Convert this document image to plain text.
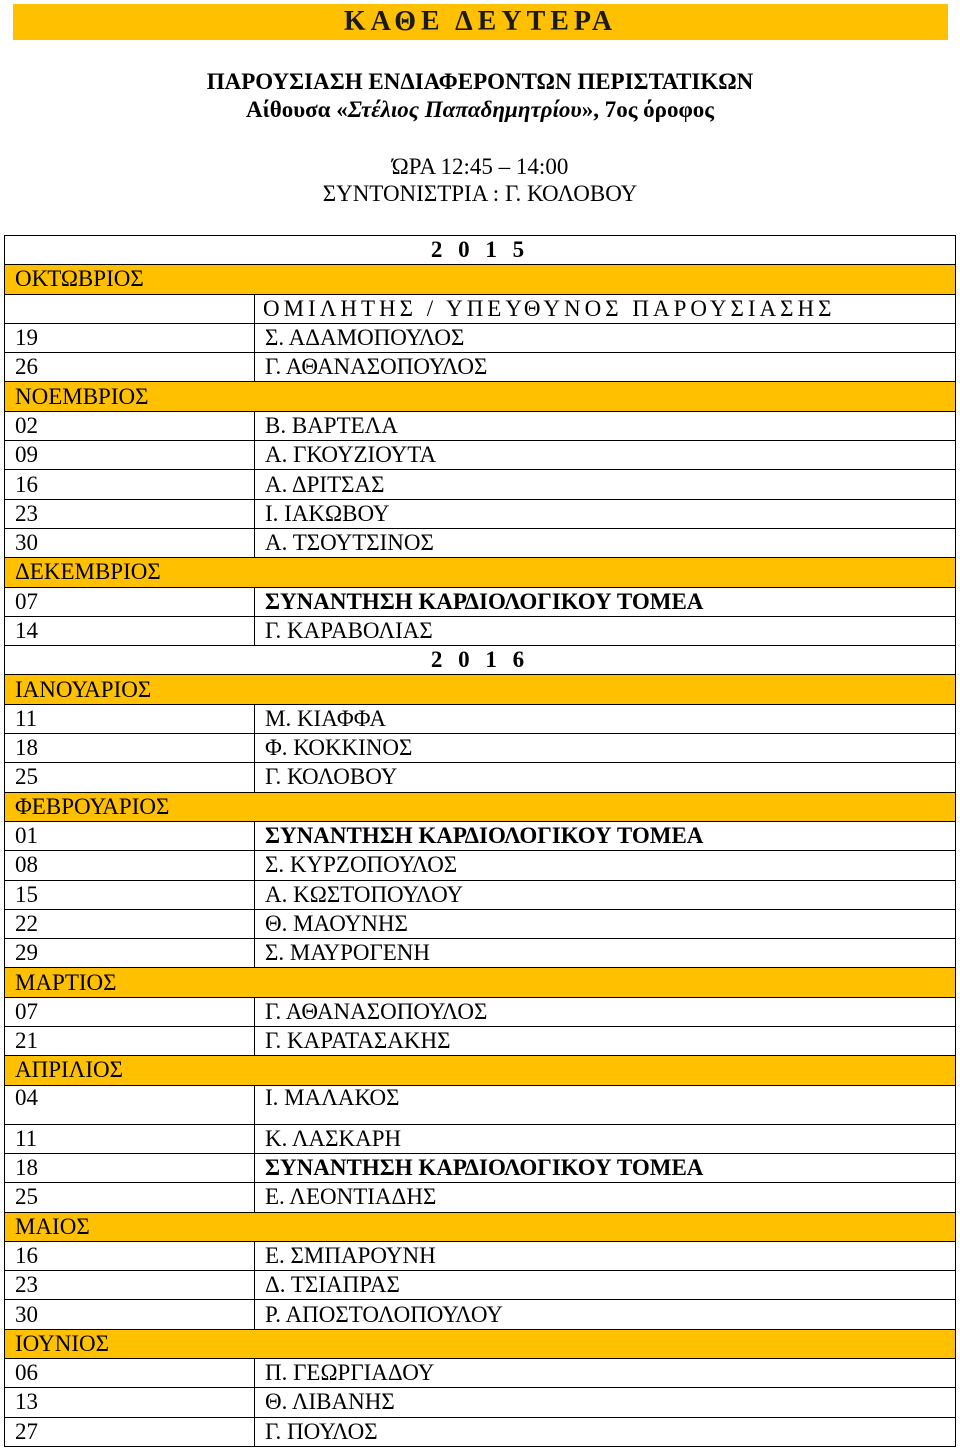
ΚΑΘΕ ΔΕΥΤΕΡΑ
ΠΑΡΟΥΣΙΑΣΗ ΕΝΔΙΑΦΕΡΟΝΤΩΝ ΠΕΡΙΣΤΑΤΙΚΩΝ
Αίθουσα «Στέλιος Παπαδημητρίου», 7ος όροφος
ΏΡΑ 12:45 – 14:00
ΣΥΝΤΟΝΙΣΤΡΙΑ : Γ. ΚΟΛΟΒΟΥ
2 0 1 5	
ΟΚΤΩΒΡΙΟΣ	
	ΟΜΙΛΗΤΗΣ / ΥΠΕΥΘΥΝΟΣ ΠΑΡΟΥΣΙΑΣΗΣ
19	Σ. ΑΔΑΜΟΠΟΥΛΟΣ
26	Γ. ΑΘΑΝΑΣΟΠΟΥΛΟΣ
ΝΟΕΜΒΡΙΟΣ	
02	Β. ΒΑΡΤΕΛΑ
09	Α. ΓΚΟΥΖΙΟΥΤΑ
16	Α. ΔΡΙΤΣΑΣ
23	Ι. ΙΑΚΩΒΟΥ
30	Α. ΤΣΟΥΤΣΙΝΟΣ
ΔΕΚΕΜΒΡΙΟΣ	
07	ΣΥΝΑΝΤΗΣΗ ΚΑΡΔΙΟΛΟΓΙΚΟΥ ΤΟΜΕΑ
14	Γ. ΚΑΡΑΒΟΛΙΑΣ
2 0 1 6	
ΙΑΝΟΥΑΡΙΟΣ	
11	Μ. ΚΙΑΦΦΑ
18	Φ. ΚΟΚΚΙΝΟΣ
25	Γ. ΚΟΛΟΒΟΥ
ΦΕΒΡΟΥΑΡΙΟΣ	
01	ΣΥΝΑΝΤΗΣΗ ΚΑΡΔΙΟΛΟΓΙΚΟΥ ΤΟΜΕΑ
08	Σ. ΚΥΡΖΟΠΟΥΛΟΣ
15	Α. ΚΩΣΤΟΠΟΥΛΟΥ
22	Θ. ΜΑΟΥΝΗΣ
29	Σ. ΜΑΥΡΟΓΕΝΗ
ΜΑΡΤΙΟΣ	
07	Γ. ΑΘΑΝΑΣΟΠΟΥΛΟΣ
21	Γ. ΚΑΡΑΤΑΣΑΚΗΣ
ΑΠΡΙΛΙΟΣ	
04	Ι. ΜΑΛΑΚΟΣ
11	Κ. ΛΑΣΚΑΡΗ
18	ΣΥΝΑΝΤΗΣΗ ΚΑΡΔΙΟΛΟΓΙΚΟΥ ΤΟΜΕΑ
25	Ε. ΛΕΟΝΤΙΑΔΗΣ
ΜΑΙΟΣ	
16	Ε. ΣΜΠΑΡΟΥΝΗ
23	Δ. ΤΣΙΑΠΡΑΣ
30	Ρ. ΑΠΟΣΤΟΛΟΠΟΥΛΟΥ
ΙΟΥΝΙΟΣ	
06	Π. ΓΕΩΡΓΙΑΔΟΥ
13	Θ. ΛΙΒΑΝΗΣ
27	Γ. ΠΟΥΛΟΣ
